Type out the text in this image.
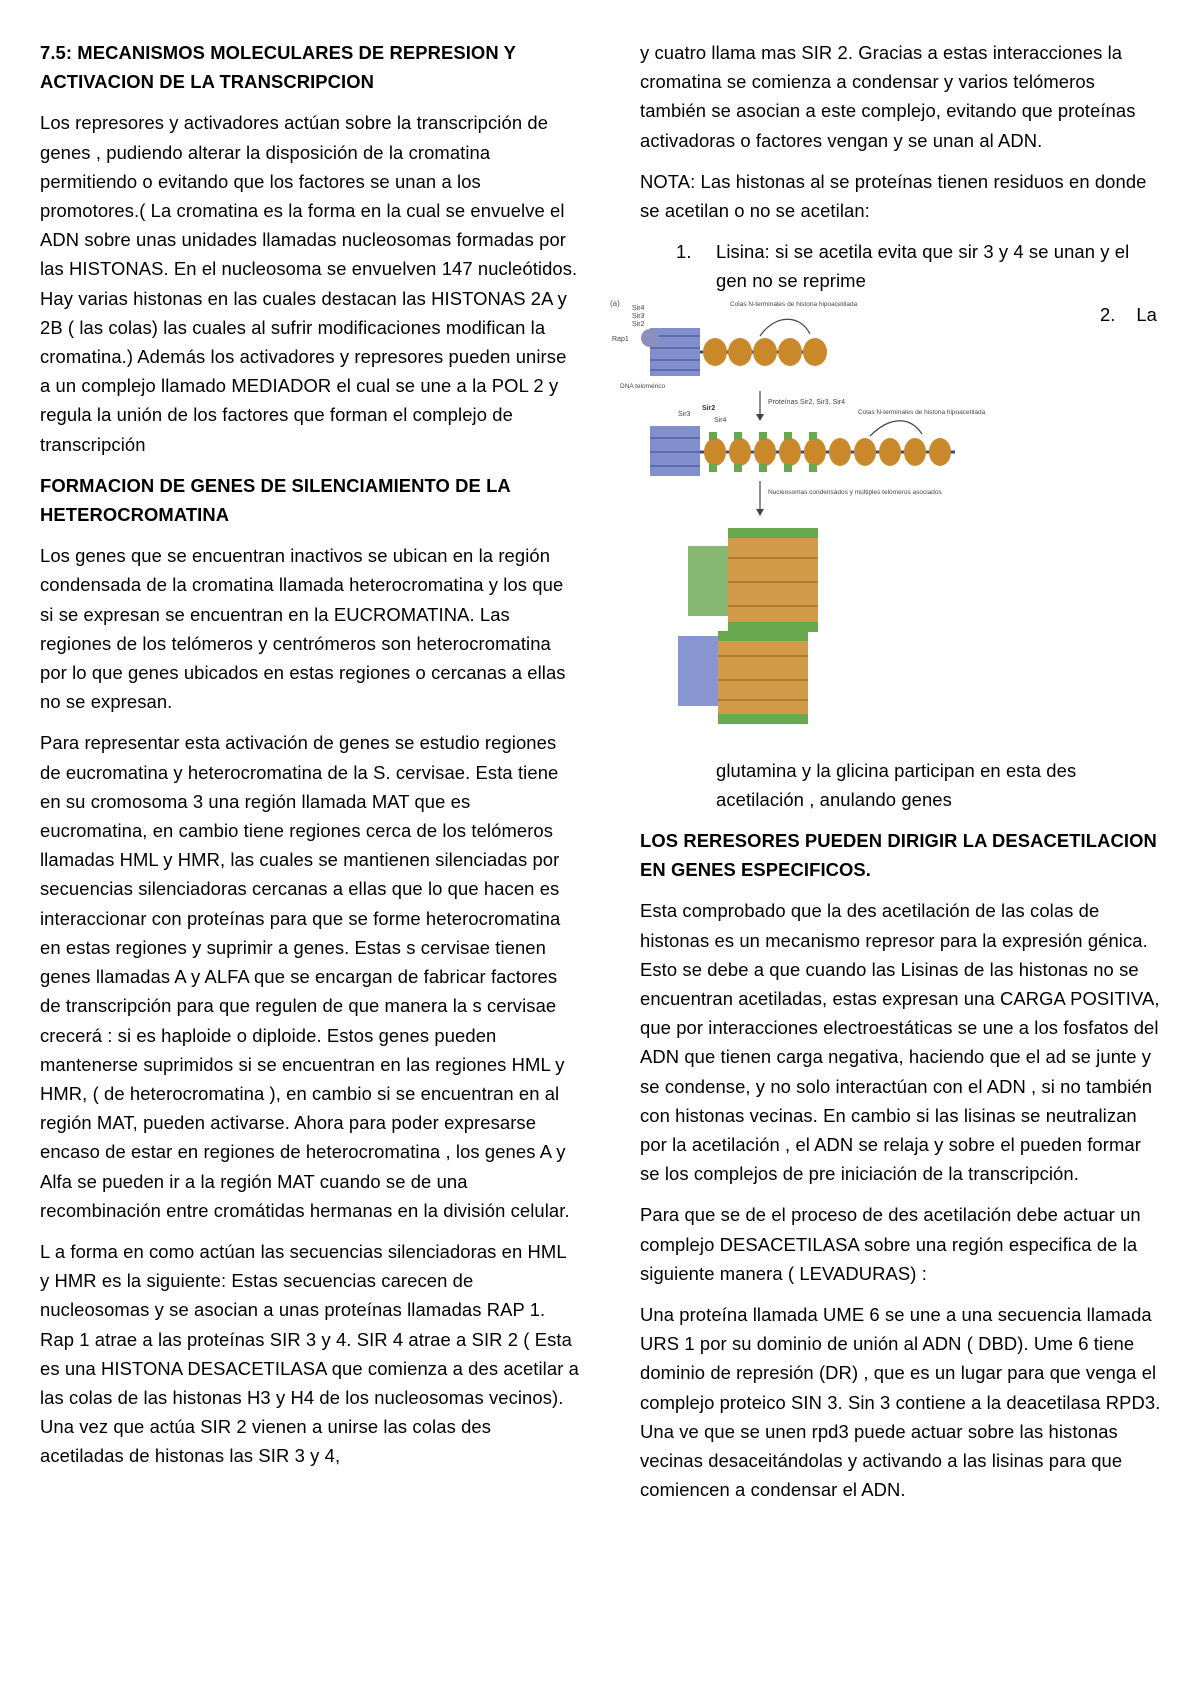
7.5: MECANISMOS MOLECULARES DE REPRESION Y ACTIVACION DE LA TRANSCRIPCION

Los represores y activadores actúan sobre la transcripción de genes , pudiendo alterar la disposición de la cromatina permitiendo o evitando que los factores se unan a los promotores.( La cromatina es la forma en la cual se envuelve el ADN sobre unas unidades llamadas nucleosomas formadas por las HISTONAS. En el nucleosoma se envuelven 147 nucleótidos. Hay varias histonas en las cuales destacan las HISTONAS 2A y 2B ( las colas) las cuales al sufrir modificaciones modifican la cromatina.) Además los activadores y represores pueden unirse a un complejo llamado MEDIADOR el cual se une a la POL 2 y regula la unión de los factores que forman el complejo de transcripción

FORMACION DE GENES DE SILENCIAMIENTO DE LA HETEROCROMATINA

Los genes que se encuentran inactivos se ubican en la región condensada de la cromatina llamada heterocromatina y los que si se expresan se encuentran en la EUCROMATINA. Las regiones de los telómeros y centrómeros son heterocromatina por lo que genes ubicados en estas regiones o cercanas a ellas no se expresan.

Para representar esta activación de genes se estudio regiones de eucromatina y heterocromatina de la S. cervisae. Esta tiene en su cromosoma 3 una región llamada MAT que es eucromatina, en cambio tiene regiones cerca de los telómeros llamadas HML y HMR, las cuales se mantienen silenciadas por secuencias silenciadoras cercanas a ellas que lo que hacen es interaccionar con proteínas para que se forme heterocromatina en estas regiones y suprimir a genes. Estas s cervisae tienen genes llamadas A y ALFA que se encargan de fabricar factores de transcripción para que regulen de que manera la s cervisae crecerá : si es haploide o diploide. Estos genes pueden mantenerse suprimidos si se encuentran en las regiones HML y HMR, ( de heterocromatina ), en cambio si se encuentran en al región MAT, pueden activarse. Ahora para poder expresarse encaso de estar en regiones de heterocromatina , los genes A y Alfa se pueden ir a la región MAT cuando se de una recombinación entre cromátidas hermanas en la división celular.

L a forma en como actúan las secuencias silenciadoras en HML y HMR es la siguiente: Estas secuencias carecen de nucleosomas y se asocian a unas proteínas llamadas RAP 1. Rap 1 atrae a las proteínas SIR 3 y 4. SIR 4 atrae a SIR 2 ( Esta es una HISTONA DESACETILASA que comienza a des acetilar a las colas de las histonas H3 y H4 de los nucleosomas vecinos). Una vez que actúa SIR 2 vienen a unirse las colas des acetiladas de histonas las SIR 3 y 4,

y cuatro llama mas SIR 2. Gracias a estas interacciones la cromatina se comienza a condensar y varios telómeros también se asocian a este complejo, evitando que proteínas activadoras o factores vengan y se unan al ADN.

NOTA: Las histonas al se proteínas tienen residuos en donde se acetilan o no se acetilan:

1.	Lisina: si se acetila evita que sir 3 y 4 se unan y el gen no se reprime
2. La
(a)
Sir4
Sir3
Sir2
Rap1
DNA telomérico
Colas N-terminales de histona hipoacetilada
Proteínas Sir2, Sir3, Sir4
Sir3
Sir2
Sir4
Colas N-terminales de histona hipoacetilada
Nucleosomas condensados y múltiples telómeros asociados

glutamina y la glicina participan en esta des acetilación , anulando genes

LOS RERESORES PUEDEN DIRIGIR LA DESACETILACION EN GENES ESPECIFICOS.

Esta comprobado que la des acetilación de las colas de histonas es un mecanismo represor para la expresión génica. Esto se debe a que cuando las Lisinas de las histonas no se encuentran acetiladas, estas expresan una CARGA POSITIVA, que por interacciones electroestáticas se une a los fosfatos del ADN que tienen carga negativa, haciendo que el ad se junte y se condense, y no solo interactúan con el ADN , si no también con histonas vecinas. En cambio si las lisinas se neutralizan por la acetilación , el ADN se relaja y sobre el pueden formar se los complejos de pre iniciación de la transcripción.

Para que se de el proceso de des acetilación debe actuar un complejo DESACETILASA sobre una región especifica de la siguiente manera ( LEVADURAS) :

Una proteína llamada UME 6 se une a una secuencia llamada URS 1 por su dominio de unión al ADN ( DBD). Ume 6 tiene dominio de represión (DR) , que es un lugar para que venga el complejo proteico SIN 3. Sin 3 contiene a la deacetilasa RPD3. Una ve que se unen rpd3 puede actuar sobre las histonas vecinas desaceitándolas y activando a las lisinas para que comiencen a condensar el ADN.
